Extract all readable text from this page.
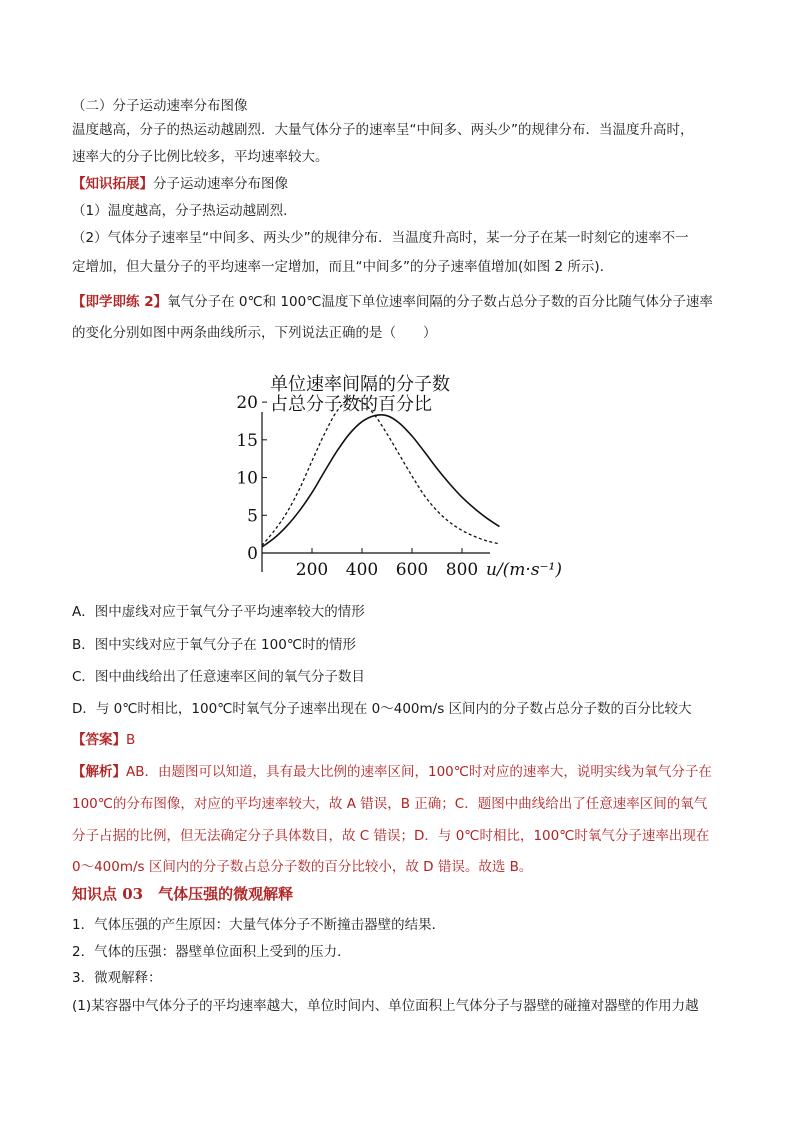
（二）分子运动速率分布图像
温度越高，分子的热运动越剧烈．大量气体分子的速率呈“中间多、两头少”的规律分布．当温度升高时，
速率大的分子比例比较多，平均速率较大。
【知识拓展】分子运动速率分布图像
（1）温度越高，分子热运动越剧烈．
（2）气体分子速率呈“中间多、两头少”的规律分布．当温度升高时，某一分子在某一时刻它的速率不一
定增加，但大量分子的平均速率一定增加，而且“中间多”的分子速率值增加(如图 2 所示)．
【即学即练 2】氧气分子在 0℃和 100℃温度下单位速率间隔的分子数占总分子数的百分比随气体分子速率
的变化分别如图中两条曲线所示，下列说法正确的是（　　）
单位速率间隔的分子数
占总分子数的百分比
0
5
10
15
20
200 400 600 800 u/(m·s⁻¹)
A．图中虚线对应于氧气分子平均速率较大的情形
B．图中实线对应于氧气分子在 100℃时的情形
C．图中曲线给出了任意速率区间的氧气分子数目
D．与 0℃时相比，100℃时氧气分子速率出现在 0～400m/s 区间内的分子数占总分子数的百分比较大
【答案】B
【解析】AB．由题图可以知道，具有最大比例的速率区间，100℃时对应的速率大，说明实线为氧气分子在
100℃的分布图像，对应的平均速率较大，故 A 错误，B 正确；C．题图中曲线给出了任意速率区间的氧气
分子占据的比例，但无法确定分子具体数目，故 C 错误；D．与 0℃时相比，100℃时氧气分子速率出现在
0～400m/s 区间内的分子数占总分子数的百分比较小，故 D 错误。故选 B。
知识点 03　气体压强的微观解释
1．气体压强的产生原因：大量气体分子不断撞击器壁的结果．
2．气体的压强：器壁单位面积上受到的压力．
3．微观解释：
(1)某容器中气体分子的平均速率越大，单位时间内、单位面积上气体分子与器壁的碰撞对器壁的作用力越
